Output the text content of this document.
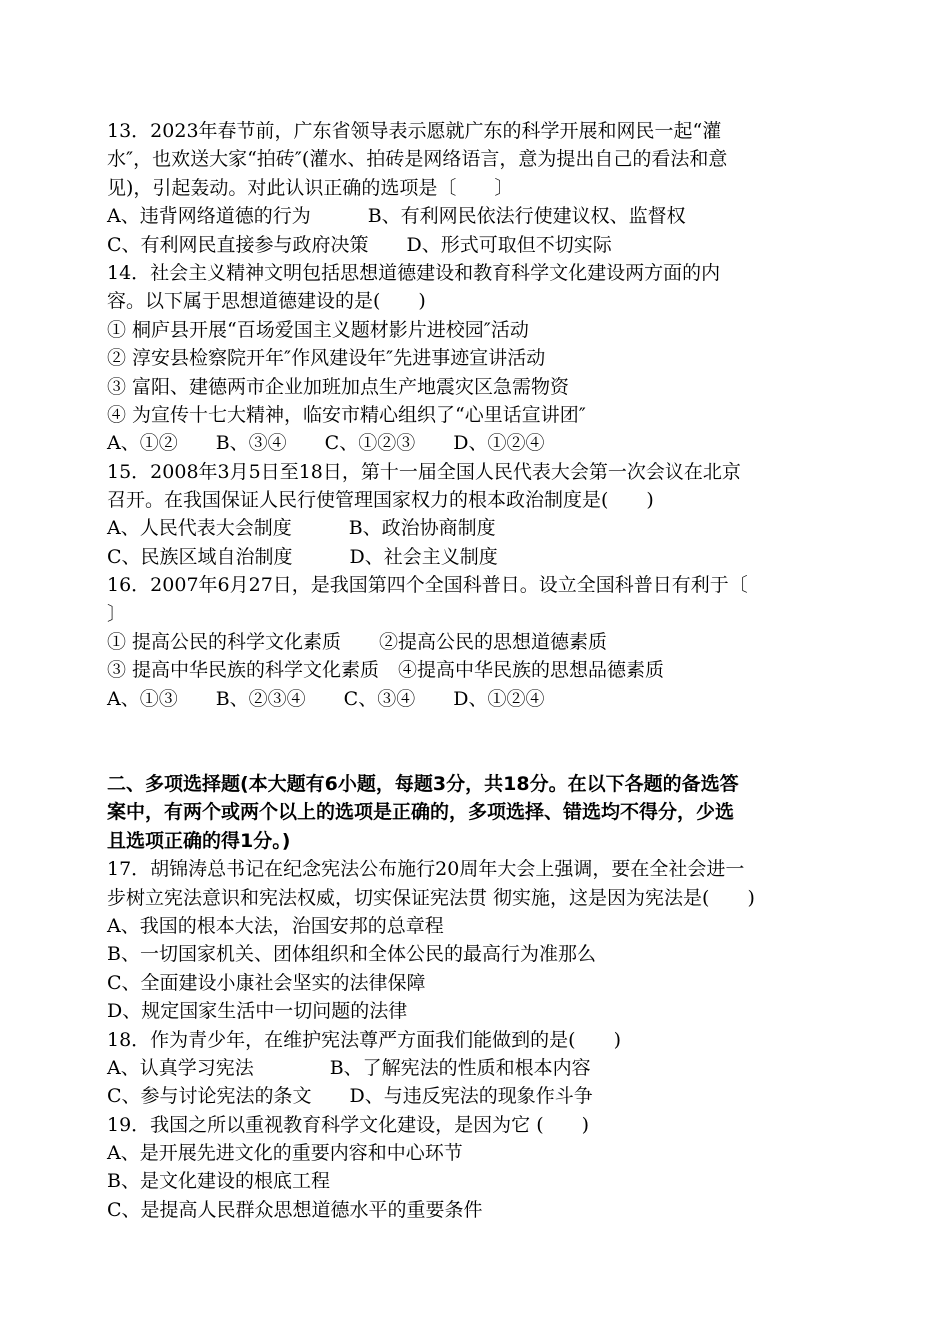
13．2023年春节前，广东省领导表示愿就广东的科学开展和网民一起“灌
水″，也欢送大家“拍砖″(灌水、拍砖是网络语言，意为提出自己的看法和意
见)，引起轰动。对此认识正确的选项是〔　　〕
A、违背网络道德的行为　　　B、有利网民依法行使建议权、监督权
C、有利网民直接参与政府决策　　D、形式可取但不切实际
14．社会主义精神文明包括思想道德建设和教育科学文化建设两方面的内
容。以下属于思想道德建设的是(　　)
① 桐庐县开展“百场爱国主义题材影片进校园″活动
② 淳安县检察院开年″作风建设年″先进事迹宣讲活动
③ 富阳、建德两市企业加班加点生产地震灾区急需物资
④ 为宣传十七大精神，临安市精心组织了“心里话宣讲团″
A、①②　　B、③④　　C、①②③　　D、①②④
15．2008年3月5日至18日，第十一届全国人民代表大会第一次会议在北京
召开。在我国保证人民行使管理国家权力的根本政治制度是(　　)
A、人民代表大会制度　　　B、政治协商制度
C、民族区域自治制度　　　D、社会主义制度
16．2007年6月27日，是我国第四个全国科普日。设立全国科普日有利于〔
〕
① 提高公民的科学文化素质　　②提高公民的思想道德素质
③ 提高中华民族的科学文化素质　④提高中华民族的思想品德素质
A、①③　　B、②③④　　C、③④　　D、①②④
二、多项选择题(本大题有6小题，每题3分，共18分。在以下各题的备选答
案中，有两个或两个以上的选项是正确的，多项选择、错选均不得分，少选
且选项正确的得1分。)
17．胡锦涛总书记在纪念宪法公布施行20周年大会上强调，要在全社会进一
步树立宪法意识和宪法权威，切实保证宪法贯 彻实施，这是因为宪法是(　　)
A、我国的根本大法，治国安邦的总章程
B、一切国家机关、团体组织和全体公民的最高行为准那么
C、全面建设小康社会坚实的法律保障
D、规定国家生活中一切问题的法律
18．作为青少年，在维护宪法尊严方面我们能做到的是(　　)
A、认真学习宪法　　　　B、了解宪法的性质和根本内容
C、参与讨论宪法的条文　　D、与违反宪法的现象作斗争
19．我国之所以重视教育科学文化建设，是因为它 (　　)
A、是开展先进文化的重要内容和中心环节
B、是文化建设的根底工程
C、是提高人民群众思想道德水平的重要条件
